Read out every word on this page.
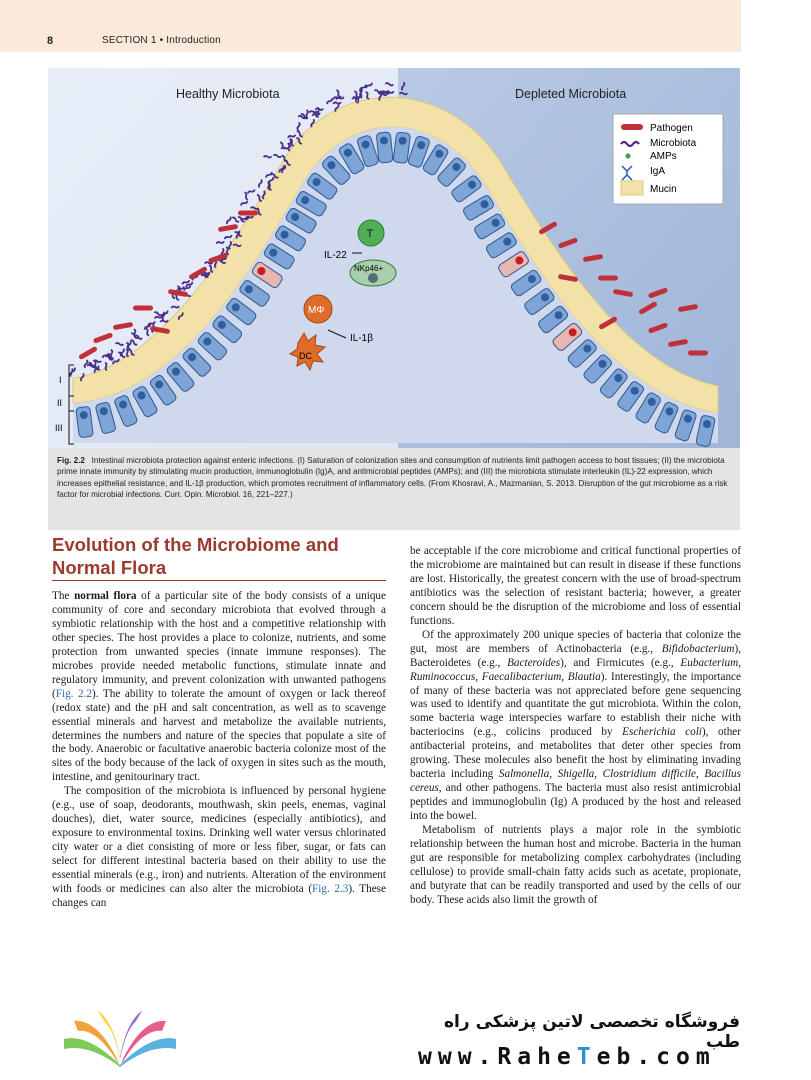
8	SECTION 1 • Introduction
Healthy Microbiota	Depleted Microbiota
Pathogen
Microbiota
AMPs
IgA
Mucin
T
IL-22
NKp46+
MΦ
IL-1β
DC
I
II
III
Fig. 2.2 Intestinal microbiota protection against enteric infections. (I) Saturation of colonization sites and consumption of nutrients limit pathogen access to host tissues; (II) the microbiota prime innate immunity by stimulating mucin production, immunoglobulin (Ig)A, and antimicrobial peptides (AMPs); and (III) the microbiota stimulate interleukin (IL)-22 expression, which increases epithelial resistance, and IL-1β production, which promotes recruitment of inflammatory cells. (From Khosravi, A., Mazmanian, S. 2013. Disruption of the gut microbiome as a risk factor for microbial infections. Curr. Opin. Microbiol. 16, 221–227.)
Evolution of the Microbiome and Normal Flora

The normal flora of a particular site of the body consists of a unique community of core and secondary microbiota that evolved through a symbiotic relationship with the host and a competitive relationship with other species. The host provides a place to colonize, nutrients, and some protection from unwanted species (innate immune responses). The microbes provide needed metabolic functions, stimulate innate and regulatory immunity, and prevent colonization with unwanted pathogens (Fig. 2.2). The ability to tolerate the amount of oxygen or lack thereof (redox state) and the pH and salt concentration, as well as to scavenge essential minerals and harvest and metabolize the available nutrients, determines the numbers and nature of the species that populate a site of the body. Anaerobic or facultative anaerobic bacteria colonize most of the sites of the body because of the lack of oxygen in sites such as the mouth, intestine, and genitourinary tract.

The composition of the microbiota is influenced by personal hygiene (e.g., use of soap, deodorants, mouthwash, skin peels, enemas, vaginal douches), diet, water source, medicines (especially antibiotics), and exposure to environmental toxins. Drinking well water versus chlorinated city water or a diet consisting of more or less fiber, sugar, or fats can select for different intestinal bacteria based on their ability to use the essential minerals (e.g., iron) and nutrients. Alteration of the environment with foods or medicines can also alter the microbiota (Fig. 2.3). These changes can

be acceptable if the core microbiome and critical functional properties of the microbiome are maintained but can result in disease if these functions are lost. Historically, the greatest concern with the use of broad-spectrum antibiotics was the selection of resistant bacteria; however, a greater concern should be the disruption of the microbiome and loss of essential functions.

Of the approximately 200 unique species of bacteria that colonize the gut, most are members of Actinobacteria (e.g., Bifidobacterium), Bacteroidetes (e.g., Bacteroides), and Firmicutes (e.g., Eubacterium, Ruminococcus, Faecalibacterium, Blautia). Interestingly, the importance of many of these bacteria was not appreciated before gene sequencing was used to identify and quantitate the gut microbiota. Within the colon, some bacteria wage interspecies warfare to establish their niche with bacteriocins (e.g., colicins produced by Escherichia coli), other antibacterial proteins, and metabolites that deter other species from growing. These molecules also benefit the host by eliminating invading bacteria including Salmonella, Shigella, Clostridium difficile, Bacillus cereus, and other pathogens. The bacteria must also resist antimicrobial peptides and immunoglobulin (Ig) A produced by the host and released into the bowel.

Metabolism of nutrients plays a major role in the symbiotic relationship between the human host and microbe. Bacteria in the human gut are responsible for metabolizing complex carbohydrates (including cellulose) to provide small-chain fatty acids such as acetate, propionate, and butyrate that can be readily transported and used by the cells of our body. These acids also limit the growth of

فروشگاه تخصصی لاتین پزشکی راه طب
www.RaheTeb.com
